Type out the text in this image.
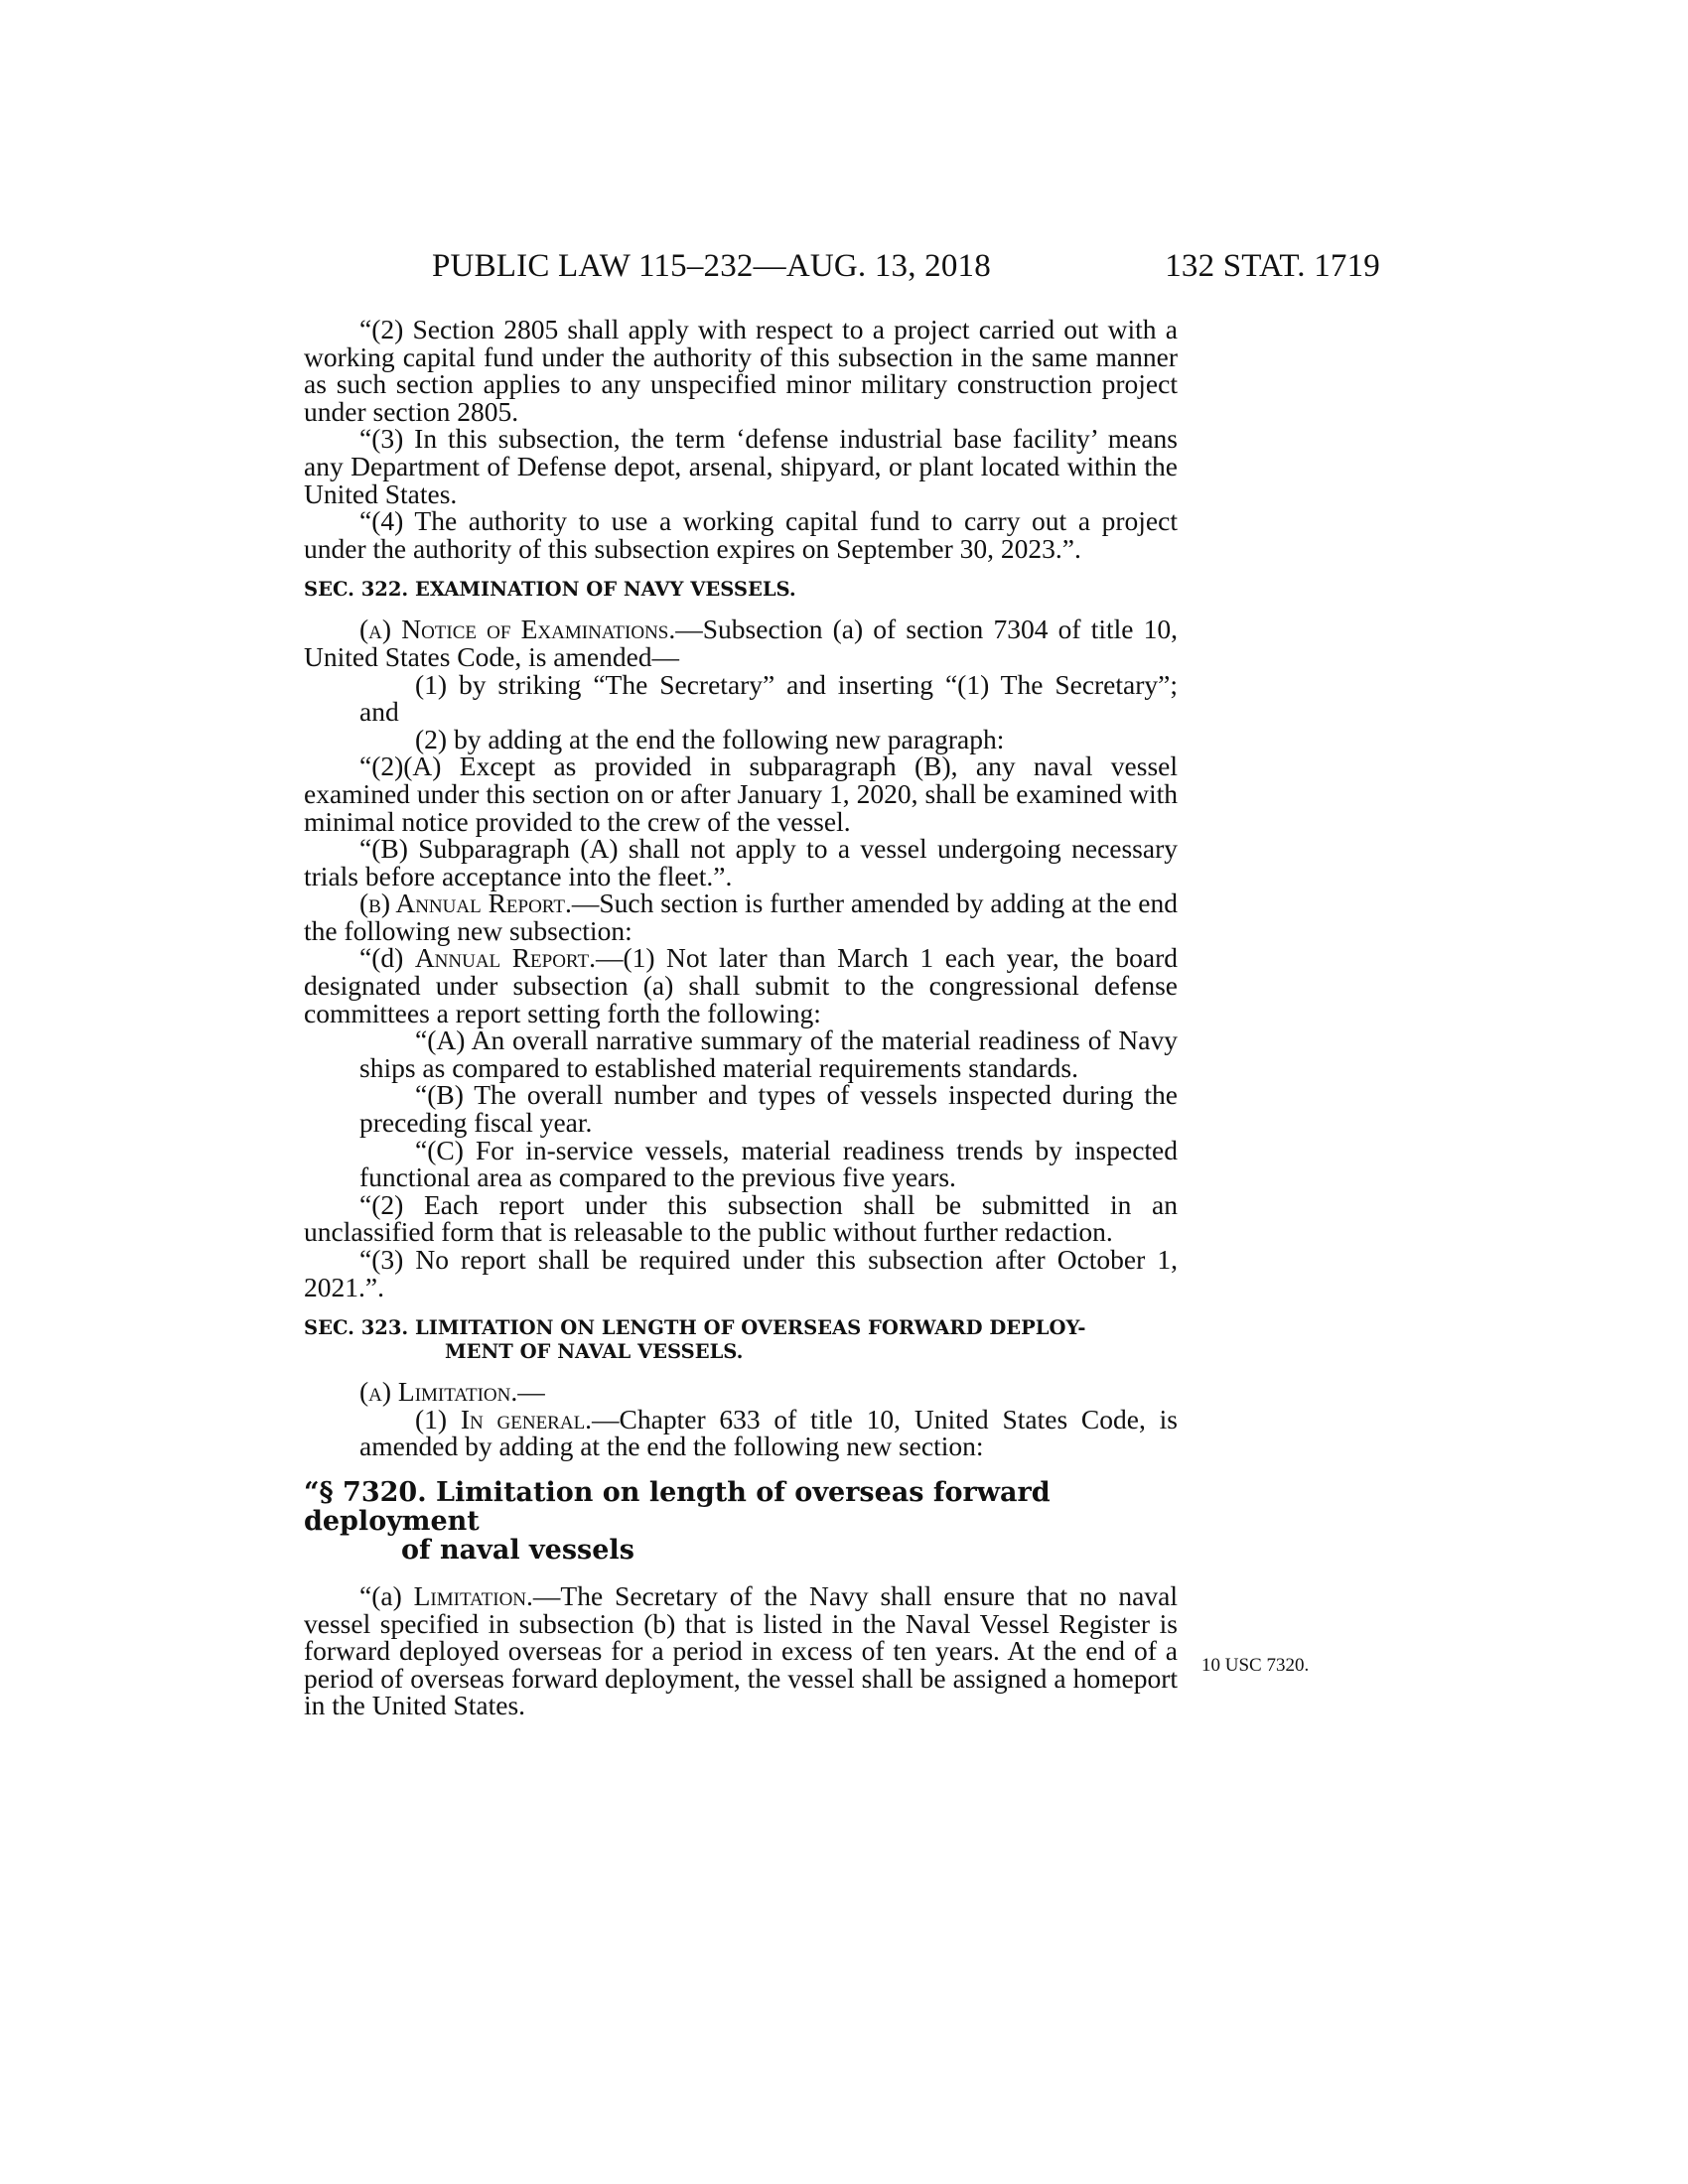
PUBLIC LAW 115–232—AUG. 13, 2018	132 STAT. 1719

“(2) Section 2805 shall apply with respect to a project carried out with a working capital fund under the authority of this subsection in the same manner as such section applies to any unspecified minor military construction project under section 2805.

“(3) In this subsection, the term ‘defense industrial base facility’ means any Department of Defense depot, arsenal, shipyard, or plant located within the United States.

“(4) The authority to use a working capital fund to carry out a project under the authority of this subsection expires on September 30, 2023.”.

SEC. 322. EXAMINATION OF NAVY VESSELS.

(a) Notice of Examinations.—Subsection (a) of section 7304 of title 10, United States Code, is amended—

(1) by striking “The Secretary” and inserting “(1) The Secretary”; and

(2) by adding at the end the following new paragraph:

“(2)(A) Except as provided in subparagraph (B), any naval vessel examined under this section on or after January 1, 2020, shall be examined with minimal notice provided to the crew of the vessel.

“(B) Subparagraph (A) shall not apply to a vessel undergoing necessary trials before acceptance into the fleet.”.

(b) Annual Report.—Such section is further amended by adding at the end the following new subsection:

“(d) Annual Report.—(1) Not later than March 1 each year, the board designated under subsection (a) shall submit to the congressional defense committees a report setting forth the following:

“(A) An overall narrative summary of the material readiness of Navy ships as compared to established material requirements standards.

“(B) The overall number and types of vessels inspected during the preceding fiscal year.

“(C) For in-service vessels, material readiness trends by inspected functional area as compared to the previous five years.

“(2) Each report under this subsection shall be submitted in an unclassified form that is releasable to the public without further redaction.

“(3) No report shall be required under this subsection after October 1, 2021.”.

SEC. 323. LIMITATION ON LENGTH OF OVERSEAS FORWARD DEPLOY-
MENT OF NAVAL VESSELS.

(a) Limitation.—

(1) In general.—Chapter 633 of title 10, United States Code, is amended by adding at the end the following new section:

“§ 7320. Limitation on length of overseas forward deployment
of naval vessels

“(a) Limitation.—The Secretary of the Navy shall ensure that no naval vessel specified in subsection (b) that is listed in the Naval Vessel Register is forward deployed overseas for a period in excess of ten years. At the end of a period of overseas forward deployment, the vessel shall be assigned a homeport in the United States.

10 USC 7320.
